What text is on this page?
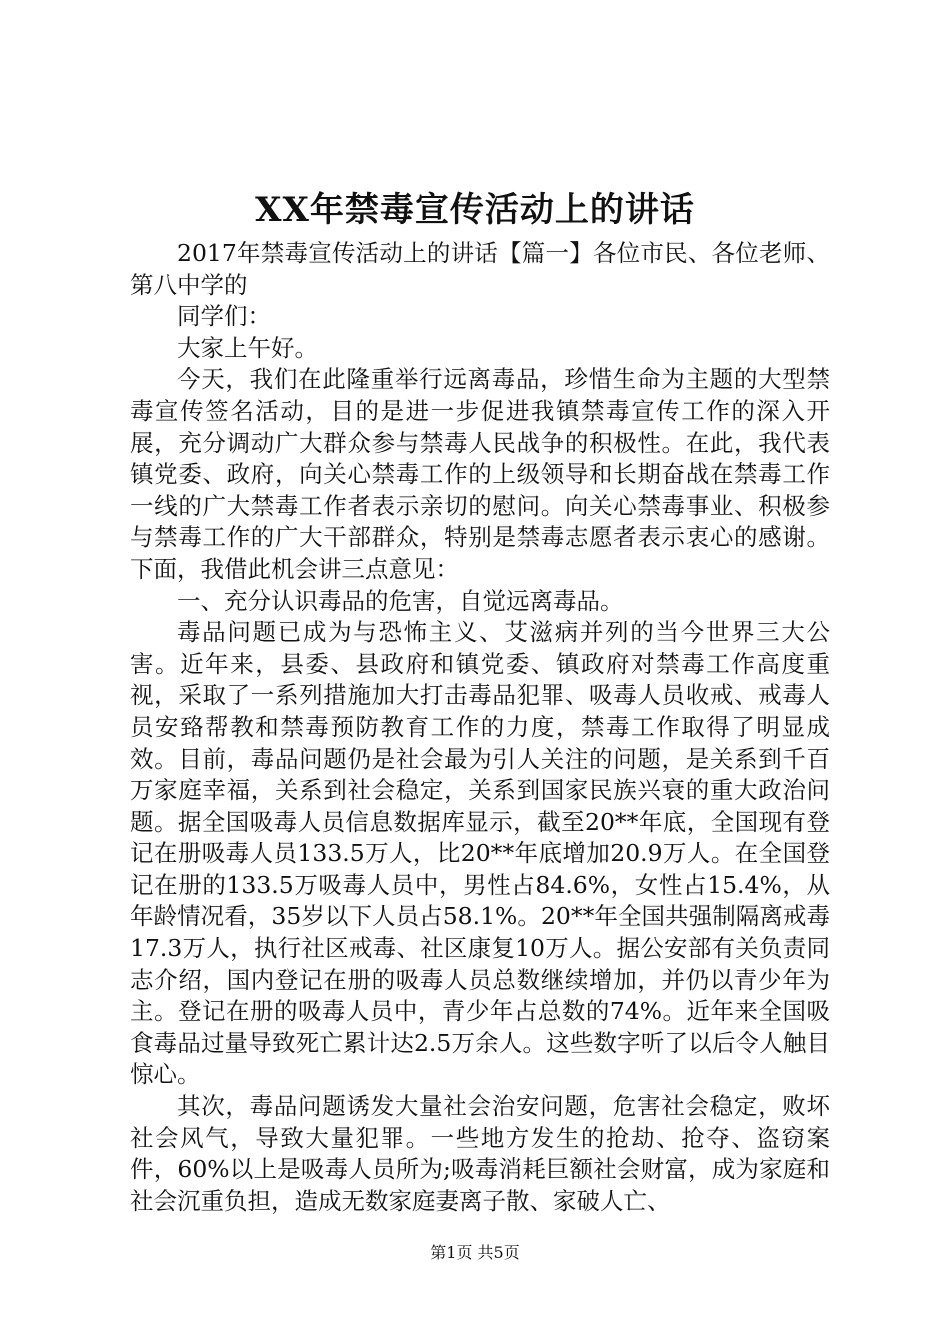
XX年禁毒宣传活动上的讲话

2017年禁毒宣传活动上的讲话【篇一】各位市民、各位老师、第八中学的

同学们：

大家上午好。

今天，我们在此隆重举行远离毒品，珍惜生命为主题的大型禁毒宣传签名活动，目的是进一步促进我镇禁毒宣传工作的深入开展，充分调动广大群众参与禁毒人民战争的积极性。在此，我代表镇党委、政府，向关心禁毒工作的上级领导和长期奋战在禁毒工作一线的广大禁毒工作者表示亲切的慰问。向关心禁毒事业、积极参与禁毒工作的广大干部群众，特别是禁毒志愿者表示衷心的感谢。下面，我借此机会讲三点意见：

一、充分认识毒品的危害，自觉远离毒品。

毒品问题已成为与恐怖主义、艾滋病并列的当今世界三大公害。近年来，县委、县政府和镇党委、镇政府对禁毒工作高度重视，采取了一系列措施加大打击毒品犯罪、吸毒人员收戒、戒毒人员安臵帮教和禁毒预防教育工作的力度，禁毒工作取得了明显成效。目前，毒品问题仍是社会最为引人关注的问题，是关系到千百万家庭幸福，关系到社会稳定，关系到国家民族兴衰的重大政治问题。据全国吸毒人员信息数据库显示，截至20**年底，全国现有登记在册吸毒人员133.5万人，比20**年底增加20.9万人。在全国登记在册的133.5万吸毒人员中，男性占84.6%，女性占15.4%，从年龄情况看，35岁以下人员占58.1%。20**年全国共强制隔离戒毒17.3万人，执行社区戒毒、社区康复10万人。据公安部有关负责同志介绍，国内登记在册的吸毒人员总数继续增加，并仍以青少年为主。登记在册的吸毒人员中，青少年占总数的74%。近年来全国吸食毒品过量导致死亡累计达2.5万余人。这些数字听了以后令人触目惊心。

其次，毒品问题诱发大量社会治安问题，危害社会稳定，败坏社会风气，导致大量犯罪。一些地方发生的抢劫、抢夺、盗窃案件，60%以上是吸毒人员所为;吸毒消耗巨额社会财富，成为家庭和社会沉重负担，造成无数家庭妻离子散、家破人亡、

第1页 共5页
